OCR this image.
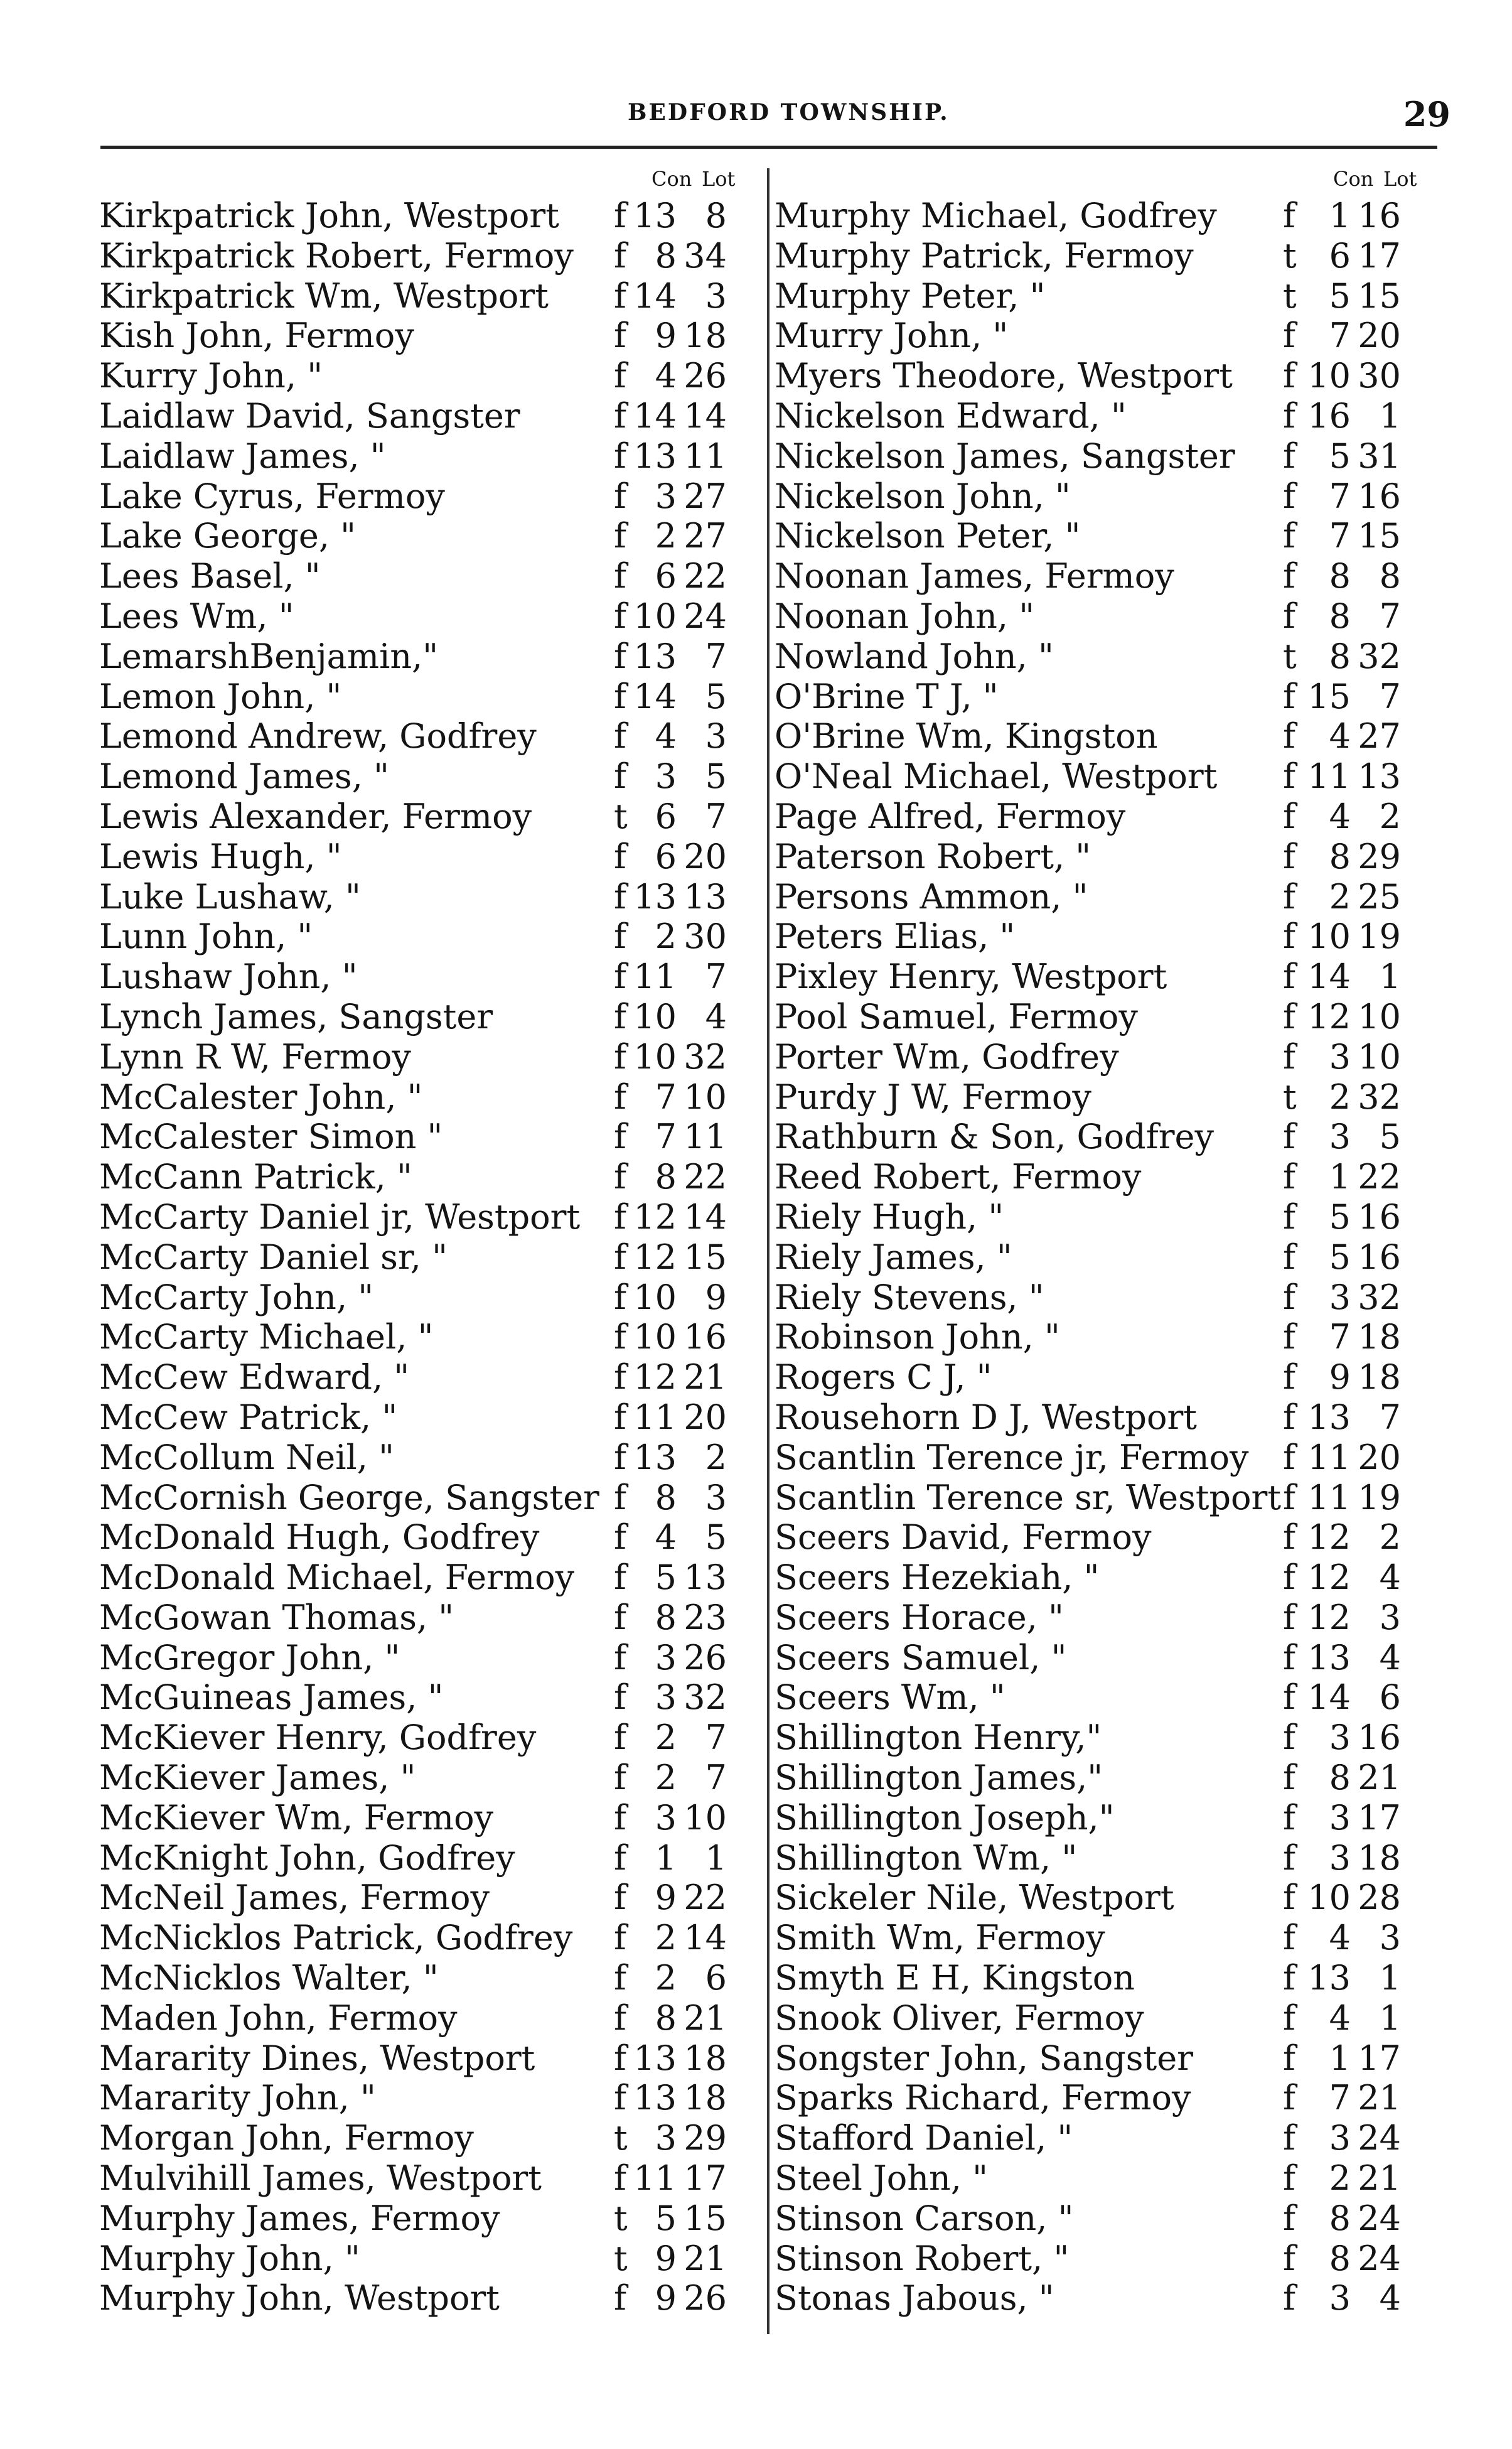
BEDFORD TOWNSHIP.	29
Con Lot
Kirkpatrick John, Westport f 13 8
Kirkpatrick Robert, Fermoy f 8 34
Kirkpatrick Wm, Westport f 14 3
Kish John, Fermoy	f 9 18
Kurry John, "	f 4 26
Laidlaw David, Sangster	f 14 14
Laidlaw James, "	f 13 11
Lake Cyrus, Fermoy	f 3 27
Lake George, "	f 2 27
Lees Basel, "	f 6 22
Lees Wm, "	f 10 24
LemarshBenjamin,"	f 13 7
Lemon John, "	f 14 5
Lemond Andrew, Godfrey f 4 3
Lemond James, "	f 3 5
Lewis Alexander, Fermoy t 6 7
Lewis Hugh, "	f 6 20
Luke Lushaw, "	f 13 13
Lunn John, "	f 2 30
Lushaw John, "	f 11 7
Lynch James, Sangster	f 10 4
Lynn R W, Fermoy	f 10 32
McCalester John, "	f 7 10
McCalester Simon "	f 7 11
McCann Patrick, "	f 8 22
McCarty Daniel jr, Westport f 12 14
McCarty Daniel sr, "	f 12 15
McCarty John, "	f 10 9
McCarty Michael, "	f 10 16
McCew Edward, "	f 12 21
McCew Patrick, "	f 11 20
McCollum Neil, "	f 13 2
McCornish George, Sangster f 8 3
McDonald Hugh, Godfrey f 4 5
McDonald Michael, Fermoy f 5 13
McGowan Thomas, "	f 8 23
McGregor John, "	f 3 26
McGuineas James, "	f 3 32
McKiever Henry, Godfrey f 2 7
McKiever James, "	f 2 7
McKiever Wm, Fermoy	f 3 10
McKnight John, Godfrey	f 1 1
McNeil James, Fermoy	f 9 22
McNicklos Patrick, Godfrey f 2 14
McNicklos Walter, "	f 2 6
Maden John, Fermoy	f 8 21
Mararity Dines, Westport f 13 18
Mararity John, "	f 13 18
Morgan John, Fermoy	t 3 29
Mulvihill James, Westport f 11 17
Murphy James, Fermoy	t 5 15
Murphy John, "	t 9 21
Murphy John, Westport	f 9 26
Con Lot
Murphy Michael, Godfrey f 1 16
Murphy Patrick, Fermoy	t 6 17
Murphy Peter, "	t 5 15
Murry John, "	f 7 20
Myers Theodore, Westport f 10 30
Nickelson Edward, "	f 16 1
Nickelson James, Sangster f 5 31
Nickelson John, "	f 7 16
Nickelson Peter, "	f 7 15
Noonan James, Fermoy	f 8 8
Noonan John, "	f 8 7
Nowland John, "	t 8 32
O'Brine T J, "	f 15 7
O'Brine Wm, Kingston	f 4 27
O'Neal Michael, Westport f 11 13
Page Alfred, Fermoy	f 4 2
Paterson Robert, "	f 8 29
Persons Ammon, "	f 2 25
Peters Elias, "	f 10 19
Pixley Henry, Westport	f 14 1
Pool Samuel, Fermoy	f 12 10
Porter Wm, Godfrey	f 3 10
Purdy J W, Fermoy	t 2 32
Rathburn & Son, Godfrey f 3 5
Reed Robert, Fermoy	f 1 22
Riely Hugh, "	f 5 16
Riely James, "	f 5 16
Riely Stevens, "	f 3 32
Robinson John, "	f 7 18
Rogers C J, "	f 9 18
Rousehorn D J, Westport	f 13 7
Scantlin Terence jr, Fermoy f 11 20
Scantlin Terence sr, Westport f 11 19
Sceers David, Fermoy	f 12 2
Sceers Hezekiah, "	f 12 4
Sceers Horace, "	f 12 3
Sceers Samuel, "	f 13 4
Sceers Wm, "	f 14 6
Shillington Henry,"	f 3 16
Shillington James,"	f 8 21
Shillington Joseph,"	f 3 17
Shillington Wm, "	f 3 18
Sickeler Nile, Westport	f 10 28
Smith Wm, Fermoy	f 4 3
Smyth E H, Kingston	f 13 1
Snook Oliver, Fermoy	f 4 1
Songster John, Sangster	f 1 17
Sparks Richard, Fermoy	f 7 21
Stafford Daniel, "	f 3 24
Steel John, "	f 2 21
Stinson Carson, "	f 8 24
Stinson Robert, "	f 8 24
Stonas Jabous, "	f 3 4
